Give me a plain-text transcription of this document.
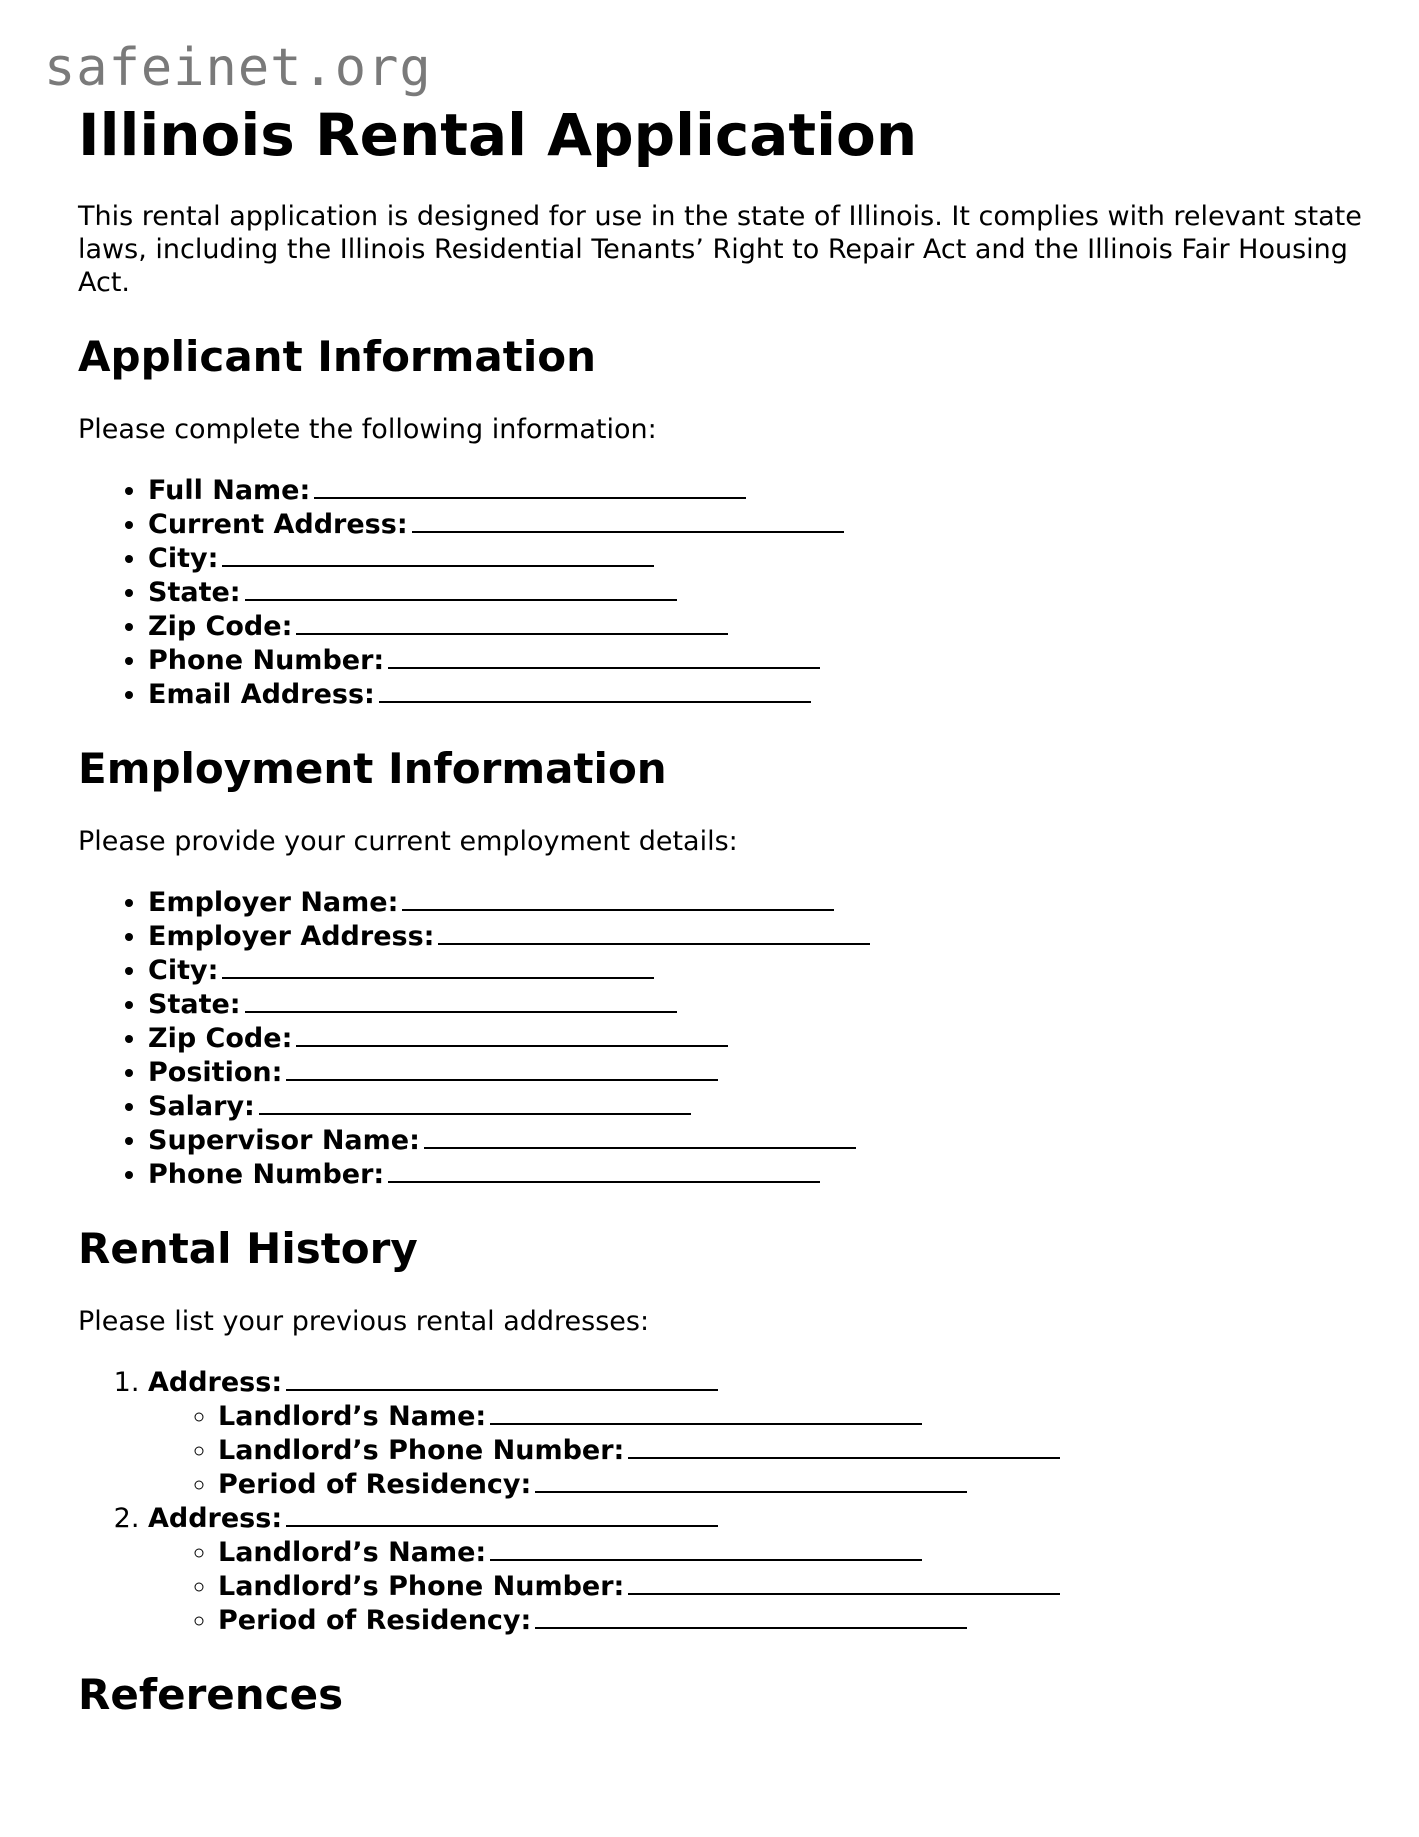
safeinet.org
Illinois Rental Application

This rental application is designed for use in the state of Illinois. It complies with relevant state laws, including the Illinois Residential Tenants’ Right to Repair Act and the Illinois Fair Housing Act.

Applicant Information

Please complete the following information:

• Full Name:
• Current Address:
• City:
• State:
• Zip Code:
• Phone Number:
• Email Address:
Employment Information

Please provide your current employment details:

• Employer Name:
• Employer Address:
• City:
• State:
• Zip Code:
• Position:
• Salary:
• Supervisor Name:
• Phone Number:
Rental History

Please list your previous rental addresses:

1. Address:
◦ Landlord’s Name:
◦ Landlord’s Phone Number:
◦ Period of Residency:
2. Address:
◦ Landlord’s Name:
◦ Landlord’s Phone Number:
◦ Period of Residency:
References
